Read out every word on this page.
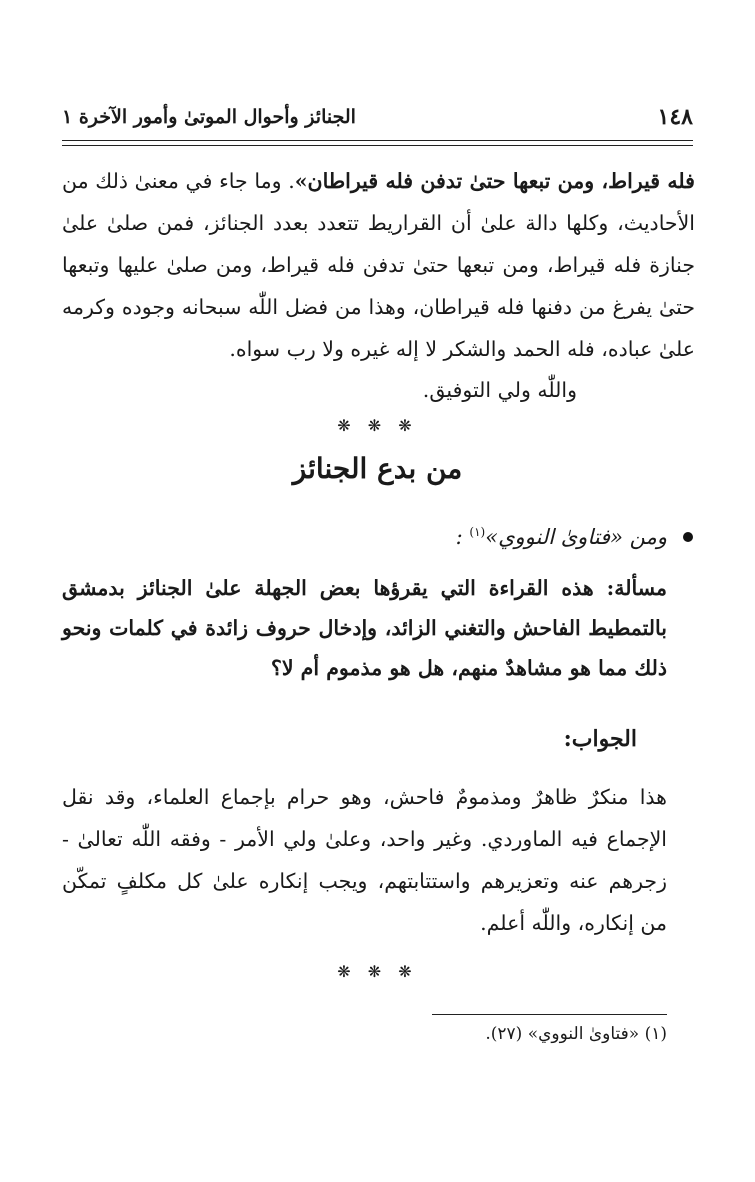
١٤٨
الجنائز وأحوال الموتىٰ وأمور الآخرة ١
فله قيراط، ومن تبعها حتىٰ تدفن فله قيراطان». وما جاء في معنىٰ ذلك من الأحاديث، وكلها دالة علىٰ أن القراريط تتعدد بعدد الجنائز، فمن صلىٰ علىٰ جنازة فله قيراط، ومن تبعها حتىٰ تدفن فله قيراط، ومن صلىٰ عليها وتبعها حتىٰ يفرغ من دفنها فله قيراطان، وهذا من فضل اللّٰه سبحانه وجوده وكرمه علىٰ عباده، فله الحمد والشكر لا إله غيره ولا رب سواه.
واللّٰه ولي التوفيق.
❋ ❋ ❋
من بدع الجنائز
ومن «فتاوىٰ النووي»$^{(١)}$ :
مسألة: هذه القراءة التي يقرؤها بعض الجهلة علىٰ الجنائز بدمشق بالتمطيط الفاحش والتغني الزائد، وإدخال حروف زائدة في كلمات ونحو ذلك مما هو مشاهدٌ منهم، هل هو مذموم أم لا؟
الجواب:
هذا منكرٌ ظاهرٌ ومذمومٌ فاحش، وهو حرام بإجماع العلماء، وقد نقل الإجماع فيه الماوردي. وغير واحد، وعلىٰ ولي الأمر - وفقه اللّٰه تعالىٰ - زجرهم عنه وتعزيرهم واستتابتهم، ويجب إنكاره علىٰ كل مكلفٍ تمكّن من إنكاره، واللّٰه أعلم.
❋ ❋ ❋
(١) «فتاوىٰ النووي» (٢٧).
